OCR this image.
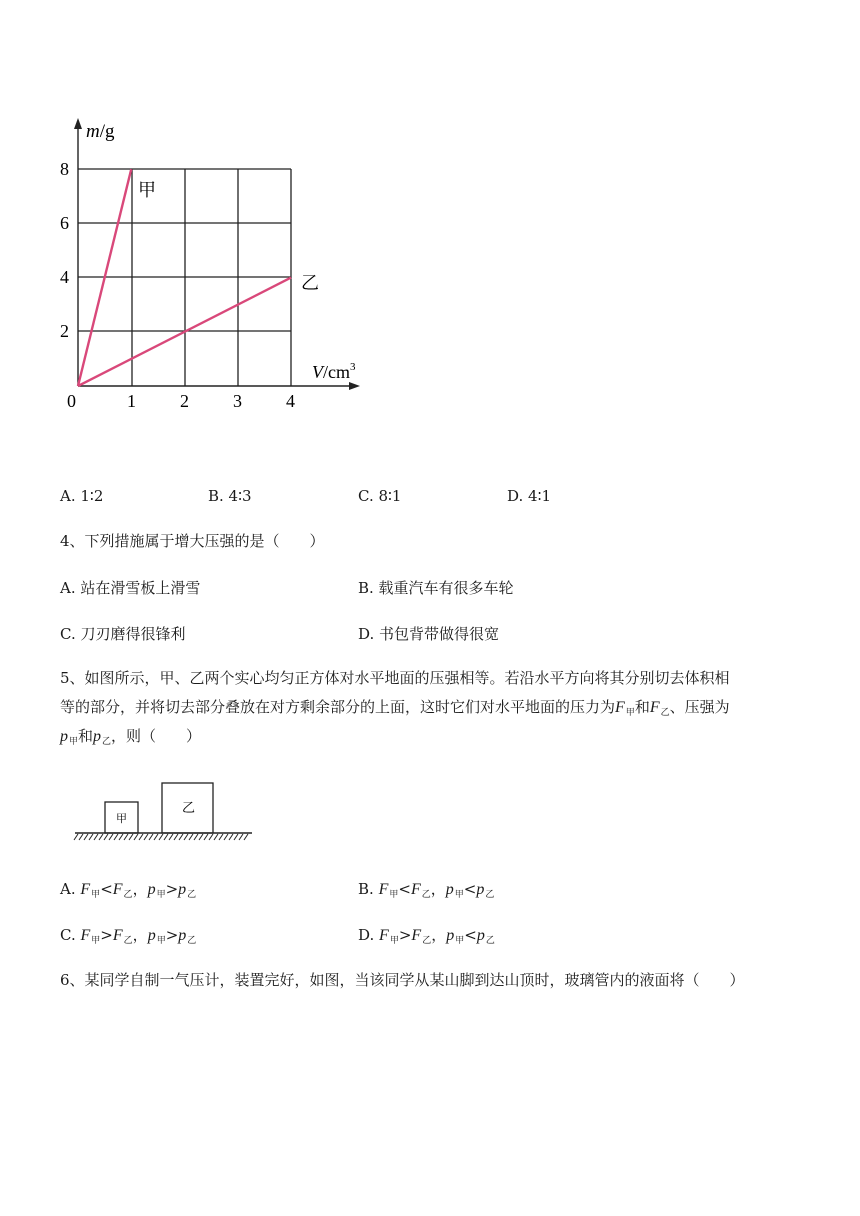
m/g
$V/cm^3$
0	1 2 3 4
2
4
6
8
甲
乙
A. 1∶2	B. 4∶3	C. 8∶1	D. 4∶1
4、下列措施属于增大压强的是（　　）
A. 站在滑雪板上滑雪	B. 载重汽车有很多车轮
C. 刀刃磨得很锋利	D. 书包背带做得很宽
5、如图所示，甲、乙两个实心均匀正方体对水平地面的压强相等。若沿水平方向将其分别切去体积相
等的部分，并将切去部分叠放在对方剩余部分的上面，这时它们对水平地面的压力为$F_甲$和$F_乙$、压强为
$p_甲$和$p_乙$，则（　　）
甲
乙
A. $F_甲<F_乙$，$p_甲>p_乙$	B. $F_甲<F_乙$，$p_甲<p_乙$
C. $F_甲>F_乙$，$p_甲>p_乙$	D. $F_甲>F_乙$，$p_甲<p_乙$
6、某同学自制一气压计，装置完好，如图，当该同学从某山脚到达山顶时，玻璃管内的液面将（　　）
